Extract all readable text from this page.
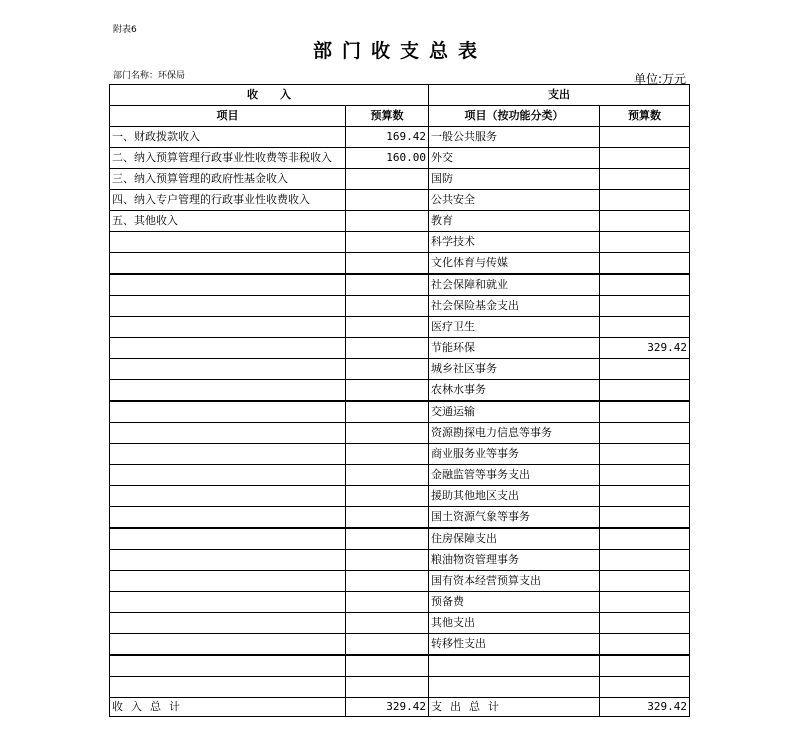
附表6
部门收支总表
部门名称：环保局	单位:万元
收　　入		支出	
项目	预算数	项目（按功能分类）	预算数
一、财政拨款收入	169.42	一般公共服务	
二、纳入预算管理行政事业性收费等非税收入	160.00	外交	
三、纳入预算管理的政府性基金收入		国防	
四、纳入专户管理的行政事业性收费收入		公共安全	
五、其他收入		教育	
		科学技术	
		文化体育与传媒	
		社会保障和就业	
		社会保险基金支出	
		医疗卫生	
		节能环保	329.42
		城乡社区事务	
		农林水事务	
		交通运输	
		资源勘探电力信息等事务	
		商业服务业等事务	
		金融监管等事务支出	
		援助其他地区支出	
		国土资源气象等事务	
		住房保障支出	
		粮油物资管理事务	
		国有资本经营预算支出	
		预备费	
		其他支出	
		转移性支出	

收入总计	329.42	支出总计	329.42
